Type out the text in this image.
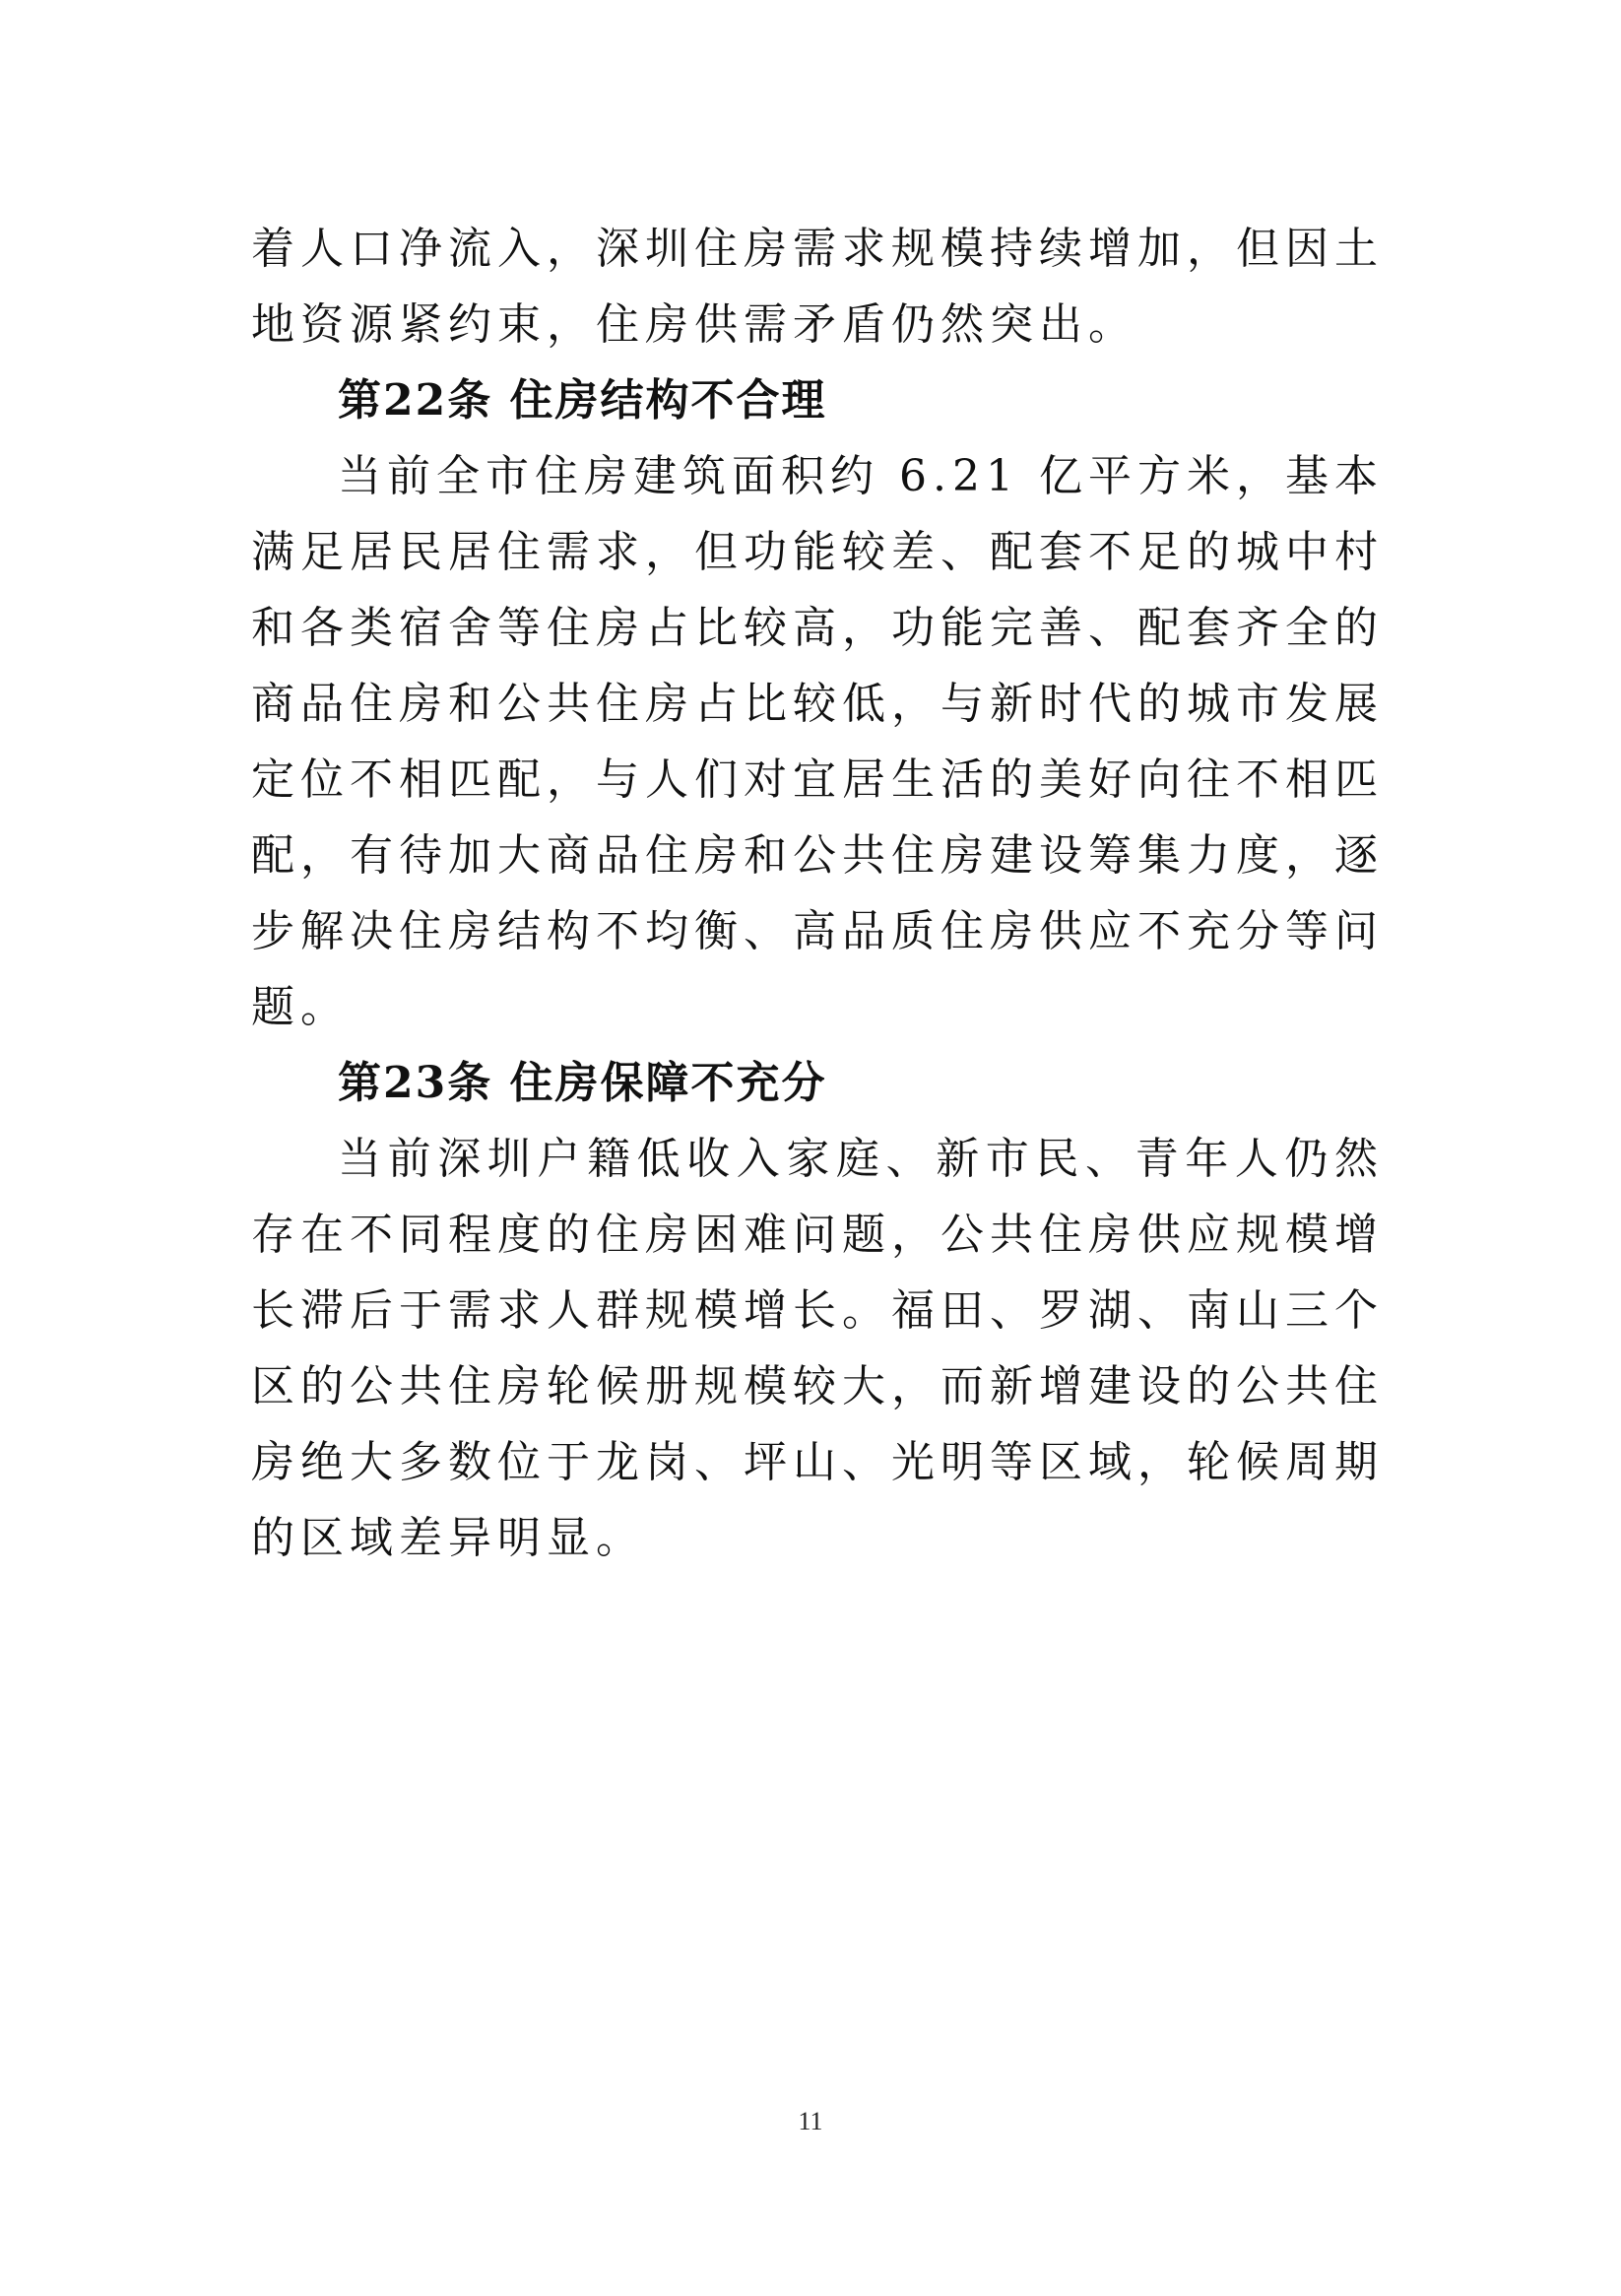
着人口净流入，深圳住房需求规模持续增加，但因土地资源紧约束，住房供需矛盾仍然突出。

第22条 住房结构不合理

当前全市住房建筑面积约 6.21 亿平方米，基本满足居民居住需求，但功能较差、配套不足的城中村和各类宿舍等住房占比较高，功能完善、配套齐全的商品住房和公共住房占比较低，与新时代的城市发展定位不相匹配，与人们对宜居生活的美好向往不相匹配，有待加大商品住房和公共住房建设筹集力度，逐步解决住房结构不均衡、高品质住房供应不充分等问题。

第23条 住房保障不充分

当前深圳户籍低收入家庭、新市民、青年人仍然存在不同程度的住房困难问题，公共住房供应规模增长滞后于需求人群规模增长。福田、罗湖、南山三个区的公共住房轮候册规模较大，而新增建设的公共住房绝大多数位于龙岗、坪山、光明等区域，轮候周期的区域差异明显。

11
